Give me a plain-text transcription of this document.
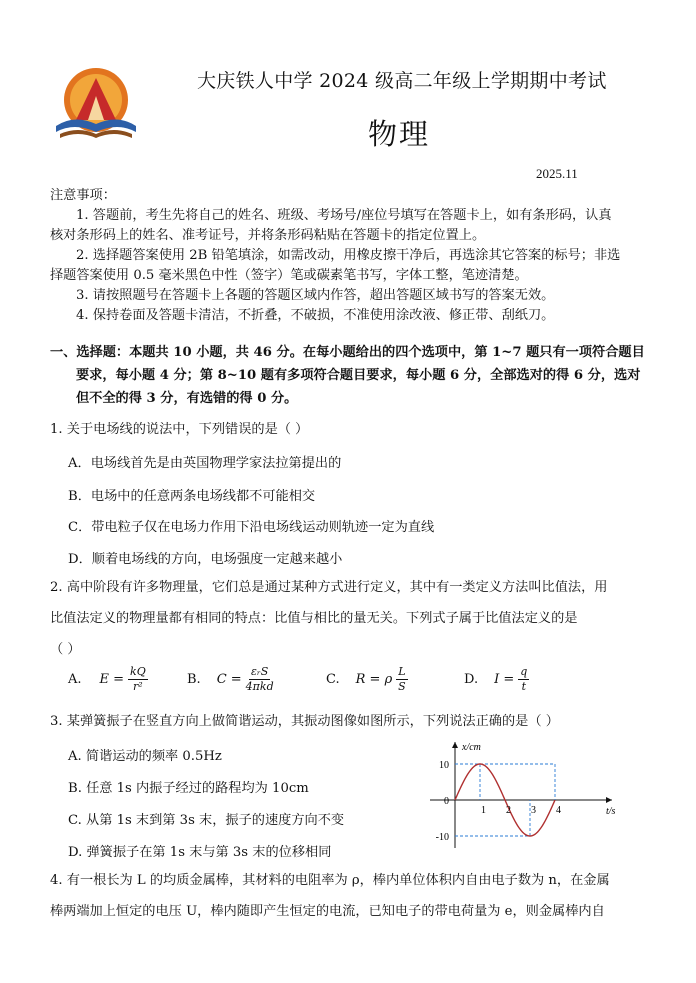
大庆铁人中学 2024 级高二年级上学期期中考试
物理
2025.11
注意事项：
1. 答题前，考生先将自己的姓名、班级、考场号/座位号填写在答题卡上，如有条形码，认真
核对条形码上的姓名、准考证号，并将条形码粘贴在答题卡的指定位置上。
2. 选择题答案使用 2B 铅笔填涂，如需改动，用橡皮擦干净后，再选涂其它答案的标号；非选
择题答案使用 0.5 毫米黑色中性（签字）笔或碳素笔书写，字体工整，笔迹清楚。
3. 请按照题号在答题卡上各题的答题区域内作答，超出答题区域书写的答案无效。
4. 保持卷面及答题卡清洁，不折叠，不破损，不准使用涂改液、修正带、刮纸刀。
一、选择题：本题共 10 小题，共 46 分。在每小题给出的四个选项中，第 1~7 题只有一项符合题目
要求，每小题 4 分；第 8~10 题有多项符合题目要求，每小题 6 分，全部选对的得 6 分，选对
但不全的得 3 分，有选错的得 0 分。
1. 关于电场线的说法中，下列错误的是（ ）
A．电场线首先是由英国物理学家法拉第提出的
B．电场中的任意两条电场线都不可能相交
C．带电粒子仅在电场力作用下沿电场线运动则轨迹一定为直线
D．顺着电场线的方向，电场强度一定越来越小
2. 高中阶段有许多物理量，它们总是通过某种方式进行定义，其中有一类定义方法叫比值法，用
比值法定义的物理量都有相同的特点：比值与相比的量无关。下列式子属于比值法定义的是
（ ）
A. $E = \frac{kQ}{\text{r²}}$	B. $C = \frac{\text{εᵣS}}{\text{4πkd}}$	C. R = ρ $\frac{L}{S}$	D. $I = \frac{q}{t}$
3. 某弹簧振子在竖直方向上做简谐运动，其振动图像如图所示，下列说法正确的是（ ）
A. 简谐运动的频率 0.5Hz
B. 任意 1s 内振子经过的路程均为 10cm
C. 从第 1s 末到第 3s 末，振子的速度方向不变
D. 弹簧振子在第 1s 末与第 3s 末的位移相同
x/cm
t/s
1 2 3 4
10
0
-10
4. 有一根长为 L 的均质金属棒，其材料的电阻率为 ρ，棒内单位体积内自由电子数为 n，在金属
棒两端加上恒定的电压 U，棒内随即产生恒定的电流，已知电子的带电荷量为 e，则金属棒内自
